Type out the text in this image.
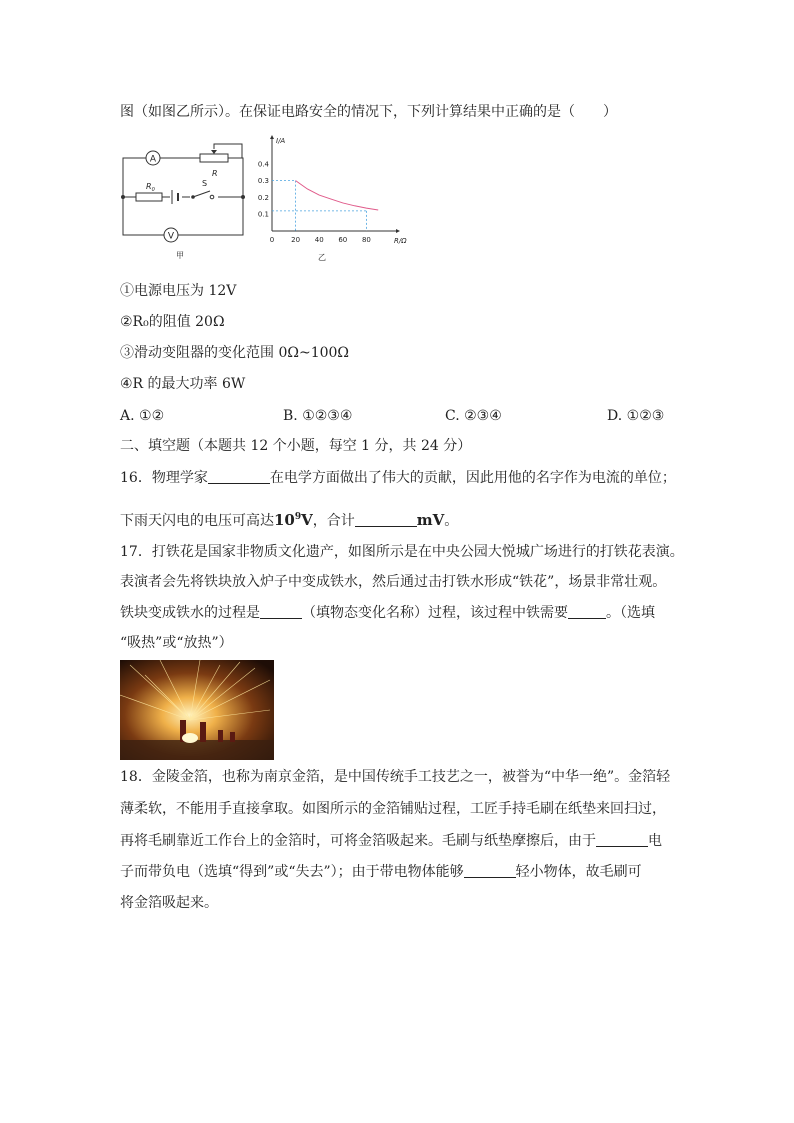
图（如图乙所示）。在保证电路安全的情况下，下列计算结果中正确的是（　　）
A
R
$R_0$
S
V
甲
I/A
R/Ω
0 20 40 60 80
0.1
0.2
0.3
0.4
乙
①电源电压为 12V
②R₀的阻值 20Ω
③滑动变阻器的变化范围 0Ω~100Ω
④R 的最大功率 6W
A. ①②	B. ①②③④	C. ②③④	D. ①②③
二、填空题（本题共 12 个小题，每空 1 分，共 24 分）
16．物理学家	在电学方面做出了伟大的贡献，因此用他的名字作为电流的单位；
下雨天闪电的电压可高达$10^9V$，合计	mV。
17．打铁花是国家非物质文化遗产，如图所示是在中央公园大悦城广场进行的打铁花表演。
表演者会先将铁块放入炉子中变成铁水，然后通过击打铁水形成“铁花”，场景非常壮观。
铁块变成铁水的过程是	（填物态变化名称）过程，该过程中铁需要	。（选填
“吸热”或“放热”）
18．金陵金箔，也称为南京金箔，是中国传统手工技艺之一，被誉为“中华一绝”。金箔轻
薄柔软，不能用手直接拿取。如图所示的金箔铺贴过程，工匠手持毛刷在纸垫来回扫过，
再将毛刷靠近工作台上的金箔时，可将金箔吸起来。毛刷与纸垫摩擦后，由于	电
子而带负电（选填“得到”或“失去”）；由于带电物体能够	轻小物体，故毛刷可
将金箔吸起来。
